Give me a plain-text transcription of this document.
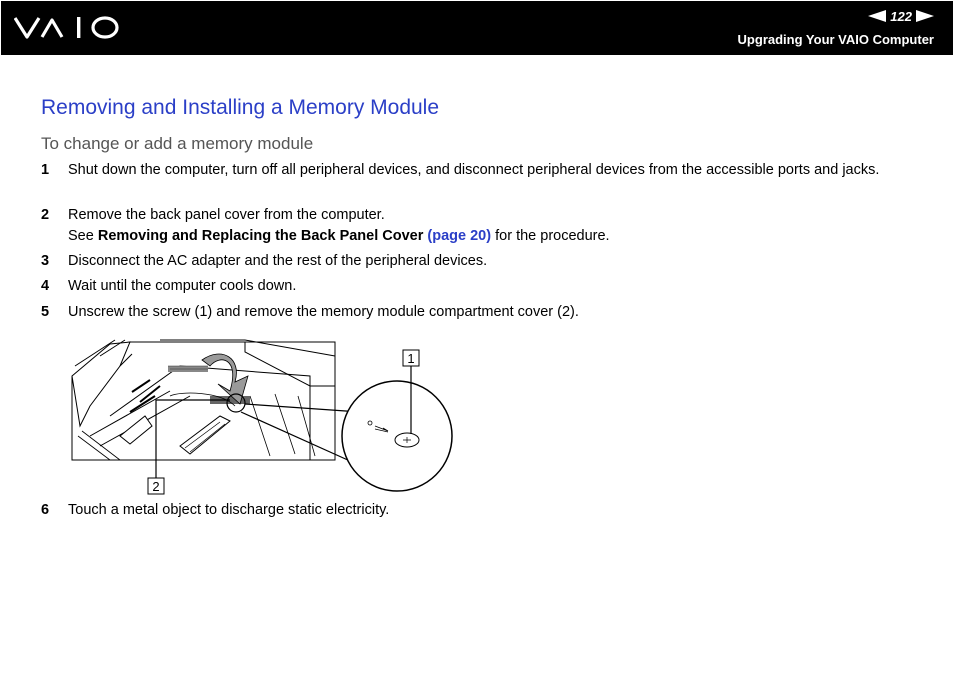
122
Upgrading Your VAIO Computer
Removing and Installing a Memory Module
To change or add a memory module
1 Shut down the computer, turn off all peripheral devices, and disconnect peripheral devices from the accessible ports and jacks.
2 Remove the back panel cover from the computer.
See Removing and Replacing the Back Panel Cover (page 20) for the procedure.
3 Disconnect the AC adapter and the rest of the peripheral devices.
4 Wait until the computer cools down.
5 Unscrew the screw (1) and remove the memory module compartment cover (2).
1
2
6 Touch a metal object to discharge static electricity.
